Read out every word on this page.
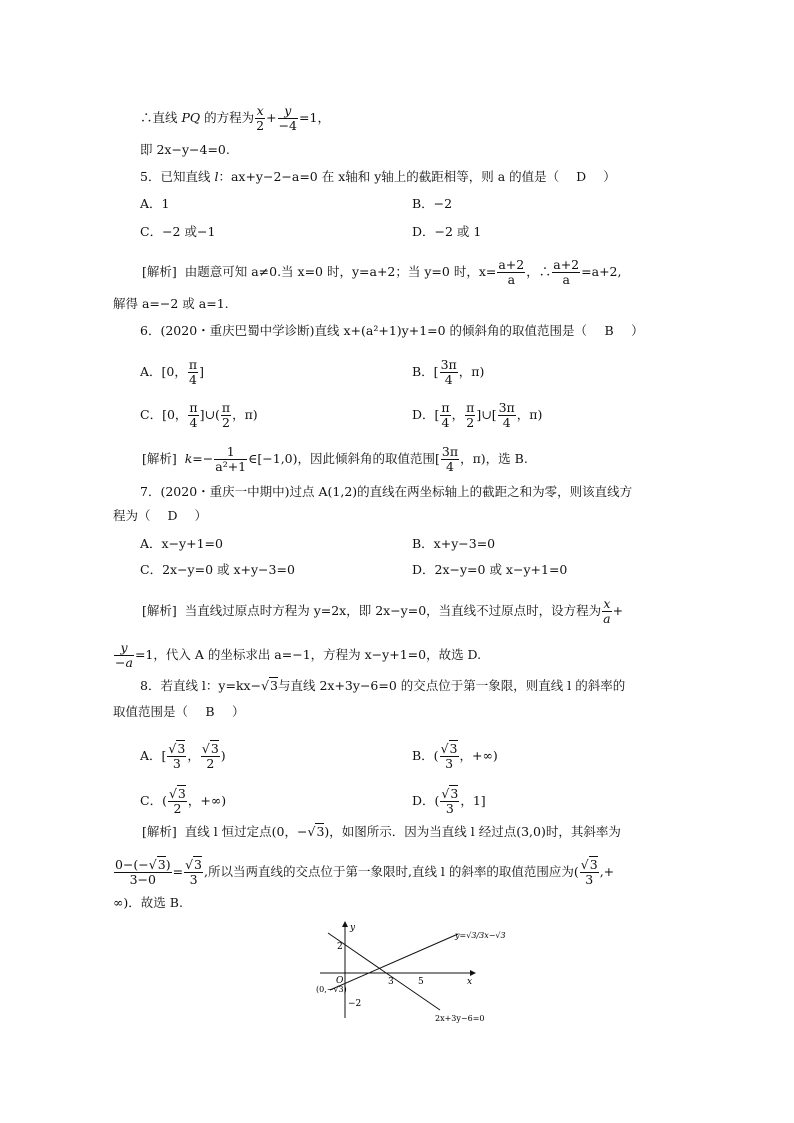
∴直线 PQ 的方程为 $\frac{x}{2} + \frac{y}{-4} =1$，
即 2x−y−4=0.
5．已知直线 l：ax+y−2−a=0 在 x轴和 y轴上的截距相等，则 a 的值是（ D ）
A．1	B．−2
C．−2 或−1	D．−2 或 1
[解析] 由题意可知 a≠0.当 x=0 时，y=a+2；当 y=0 时，$x= \frac{a+2}{a}$ ，∴ $\frac{a+2}{a} =a+2$,
解得 a=−2 或 a=1.
6．(2020・重庆巴蜀中学诊断)直线 x+(a²+1)y+1=0 的倾斜角的取值范围是（ B ）
A．[0， $\frac{\pi}{4}$ ]	B．[ $\frac{3\pi}{4}$ ，π)
C．[0， $\frac{\pi}{4}$ ]∪( $\frac{\pi}{2}$ ，π)	D．[ $\frac{\pi}{4}$ ， $\frac{\pi}{2}$ ]∪[ $\frac{3\pi}{4}$ ，π)
[解析] $k=- \frac{1}{\text{a²+1}}$ ∈[−1,0)，因此倾斜角的取值范围[ $\frac{3\pi}{4}$ ，π)，选 B.
7．(2020・重庆一中期中)过点 A(1,2)的直线在两坐标轴上的截距之和为零，则该直线方
程为（ D ）
A．x−y+1=0	B．x+y−3=0
C．2x−y=0 或 x+y−3=0	D．2x−y=0 或 x−y+1=0
[解析] 当直线过原点时方程为 y=2x，即 2x−y=0，当直线不过原点时，设方程为 $\frac{x}{a}$ +
$\frac{y}{-a} =1$，代入 A 的坐标求出 a=−1，方程为 x−y+1=0，故选 D.
8．若直线 l：y=kx−√3与直线 2x+3y−6=0 的交点位于第一象限，则直线 l 的斜率的
取值范围是（ B ）
A．[ $\frac{√3}{3}$ ， $\frac{√3}{2}$ )	B．( $\frac{√3}{3}$ ，+∞)
C．( $\frac{√3}{2}$ ，+∞)	D．( $\frac{√3}{3}$ ，1]
[解析] 直线 l 恒过定点(0，−√3)，如图所示．因为当直线 l 经过点(3,0)时，其斜率为
$\frac{0-(-√3)}{3-0} = \frac{√3}{3}$ ,所以当两直线的交点位于第一象限时,直线 l 的斜率的取值范围应为( $\frac{√3}{3}$ ,+
∞)．故选 B.
y
x
O
2
−2
3	5
(0,−√3)
y=√3/3x−√3
2x+3y−6=0
